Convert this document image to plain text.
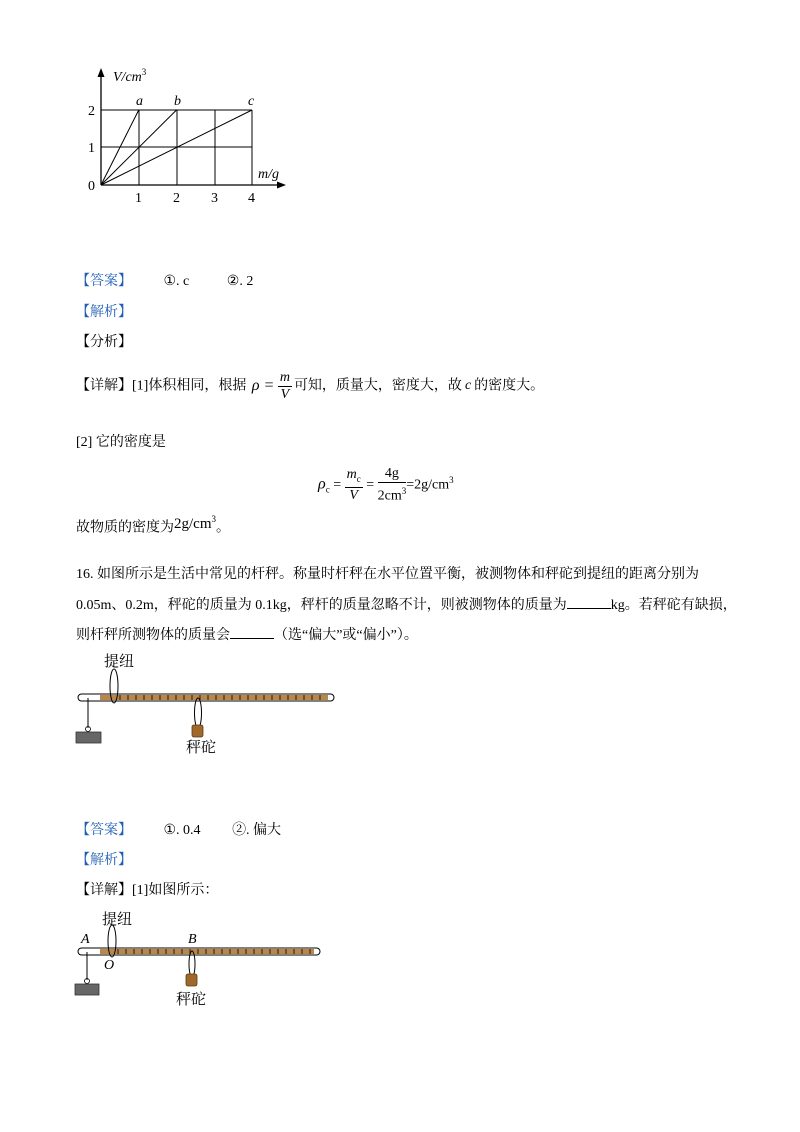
$V/cm^3$
m/g
0
1
2
1 2 3 4
a b	c
【答案】 ①. c	②. 2
【解析】
【分析】
【详解】[1]体积相同，根据 $\rho = \frac{m}{V}$ 可知，质量大，密度大，故 c 的密度大。
[2] 它的密度是
$\rho_c = \frac{m_c}{V} = \frac{4g}{2cm^3} =2g/cm^3$
故物质的密度为$2g/cm^3$。
16. 如图所示是生活中常见的杆秤。称量时杆秤在水平位置平衡，被测物体和秤砣到提纽的距离分别为
0.05m、0.2m，秤砣的质量为 0.1kg，秤杆的质量忽略不计，则被测物体的质量为	kg。若秤砣有缺损，
则杆秤所测物体的质量会	（选“偏大”或“偏小”）。
提纽
秤砣
【答案】 ①. 0.4 ②. 偏大
【解析】
【详解】[1]如图所示：
提纽
A	B
O
秤砣
